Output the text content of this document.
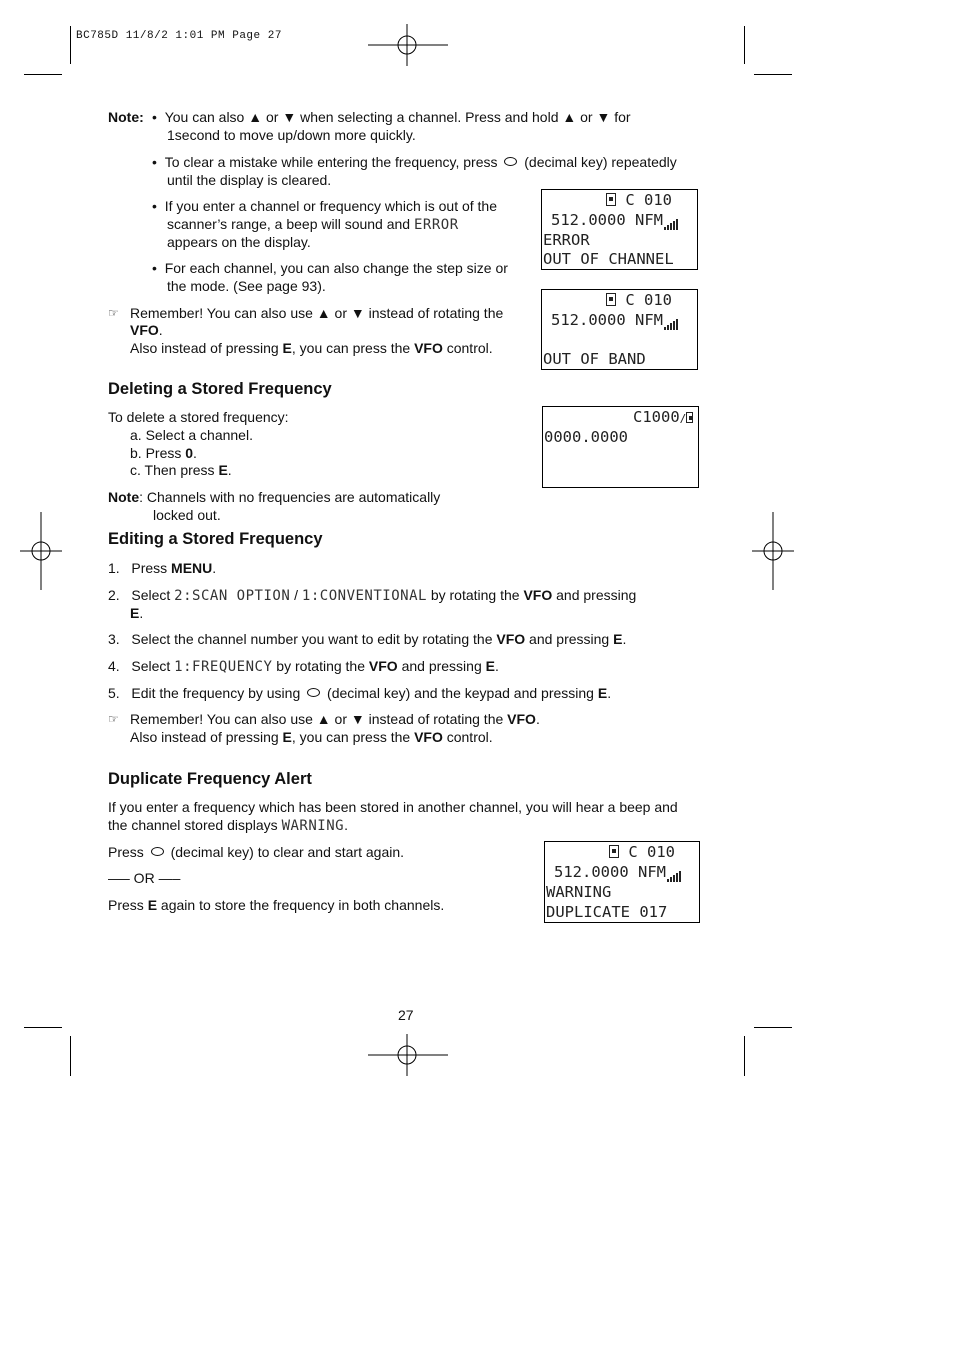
BC785D 11/8/2 1:01 PM Page 27
Note: • You can also ▲ or ▼ when selecting a channel. Press and hold ▲ or ▼ for
1second to move up/down more quickly.
• To clear a mistake while entering the frequency, press (decimal key) repeatedly
until the display is cleared.
• If you enter a channel or frequency which is out of the
scanner’s range, a beep will sound and ERROR
appears on the display.
• For each channel, you can also change the step size or
the mode. (See page 93).
☞ Remember! You can also use ▲ or ▼ instead of rotating the
VFO.
Also instead of pressing E, you can press the VFO control.
C 010
512.0000 NFM
ERROR
OUT OF CHANNEL
C 010
512.0000 NFM
OUT OF BAND
Deleting a Stored Frequency
To delete a stored frequency:
a. Select a channel.
b. Press 0.
c. Then press E.
Note: Channels with no frequencies are automatically
locked out.
C1000∕
0000.0000
Editing a Stored Frequency
1. Press MENU.
2. Select 2:SCAN OPTION / 1:CONVENTIONAL by rotating the VFO and pressing
E.
3. Select the channel number you want to edit by rotating the VFO and pressing E.
4. Select 1:FREQUENCY by rotating the VFO and pressing E.
5. Edit the frequency by using (decimal key) and the keypad and pressing E.
☞ Remember! You can also use ▲ or ▼ instead of rotating the VFO.
Also instead of pressing E, you can press the VFO control.
Duplicate Frequency Alert
If you enter a frequency which has been stored in another channel, you will hear a beep and
the channel stored displays WARNING.
Press (decimal key) to clear and start again.
—– OR —–
Press E again to store the frequency in both channels.
C 010
512.0000 NFM
WARNING
DUPLICATE 017
27
